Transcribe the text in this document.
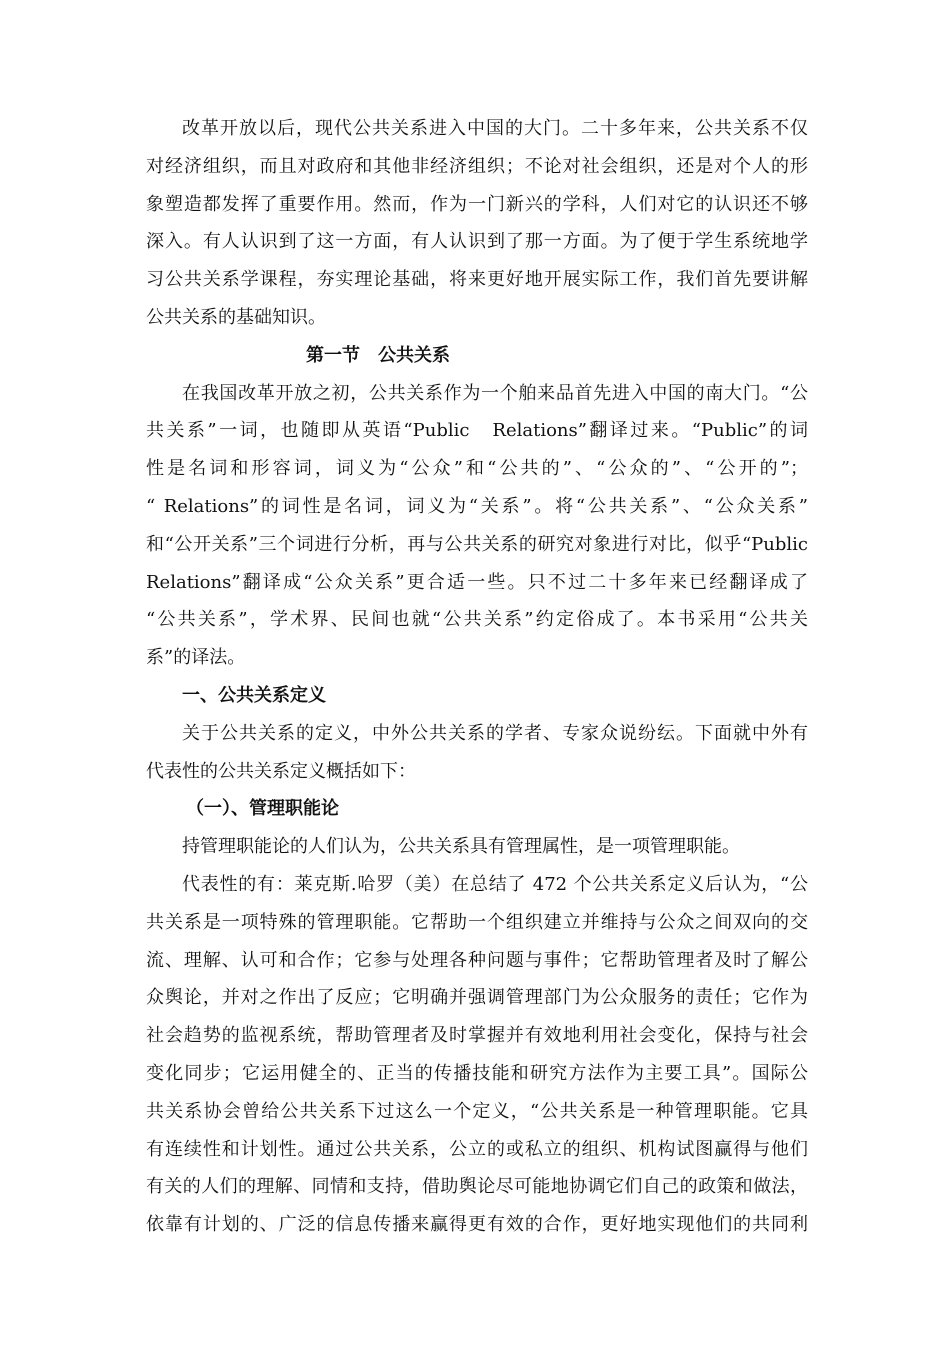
改革开放以后，现代公共关系进入中国的大门。二十多年来，公共关系不仅
对经济组织，而且对政府和其他非经济组织；不论对社会组织，还是对个人的形
象塑造都发挥了重要作用。然而，作为一门新兴的学科，人们对它的认识还不够
深入。有人认识到了这一方面，有人认识到了那一方面。为了便于学生系统地学
习公共关系学课程，夯实理论基础，将来更好地开展实际工作，我们首先要讲解
公共关系的基础知识。
第一节　公共关系
在我国改革开放之初，公共关系作为一个舶来品首先进入中国的南大门。“公
共关系”一词，也随即从英语“Public　Relations”翻译过来。“Public”的词
性是名词和形容词，词义为“公众”和“公共的”、“公众的”、“公开的”；
“ Relations”的词性是名词，词义为“关系”。将“公共关系”、“公众关系”
和“公开关系”三个词进行分析，再与公共关系的研究对象进行对比，似乎“Public
Relations”翻译成“公众关系”更合适一些。只不过二十多年来已经翻译成了
“公共关系”，学术界、民间也就“公共关系”约定俗成了。本书采用“公共关
系”的译法。
一、公共关系定义
关于公共关系的定义，中外公共关系的学者、专家众说纷纭。下面就中外有
代表性的公共关系定义概括如下：
（一）、管理职能论
持管理职能论的人们认为，公共关系具有管理属性，是一项管理职能。
代表性的有：莱克斯.哈罗（美）在总结了 472 个公共关系定义后认为，“公
共关系是一项特殊的管理职能。它帮助一个组织建立并维持与公众之间双向的交
流、理解、认可和合作；它参与处理各种问题与事件；它帮助管理者及时了解公
众舆论，并对之作出了反应；它明确并强调管理部门为公众服务的责任；它作为
社会趋势的监视系统，帮助管理者及时掌握并有效地利用社会变化，保持与社会
变化同步；它运用健全的、正当的传播技能和研究方法作为主要工具”。国际公
共关系协会曾给公共关系下过这么一个定义，“公共关系是一种管理职能。它具
有连续性和计划性。通过公共关系，公立的或私立的组织、机构试图赢得与他们
有关的人们的理解、同情和支持，借助舆论尽可能地协调它们自己的政策和做法，
依靠有计划的、广泛的信息传播来赢得更有效的合作，更好地实现他们的共同利
